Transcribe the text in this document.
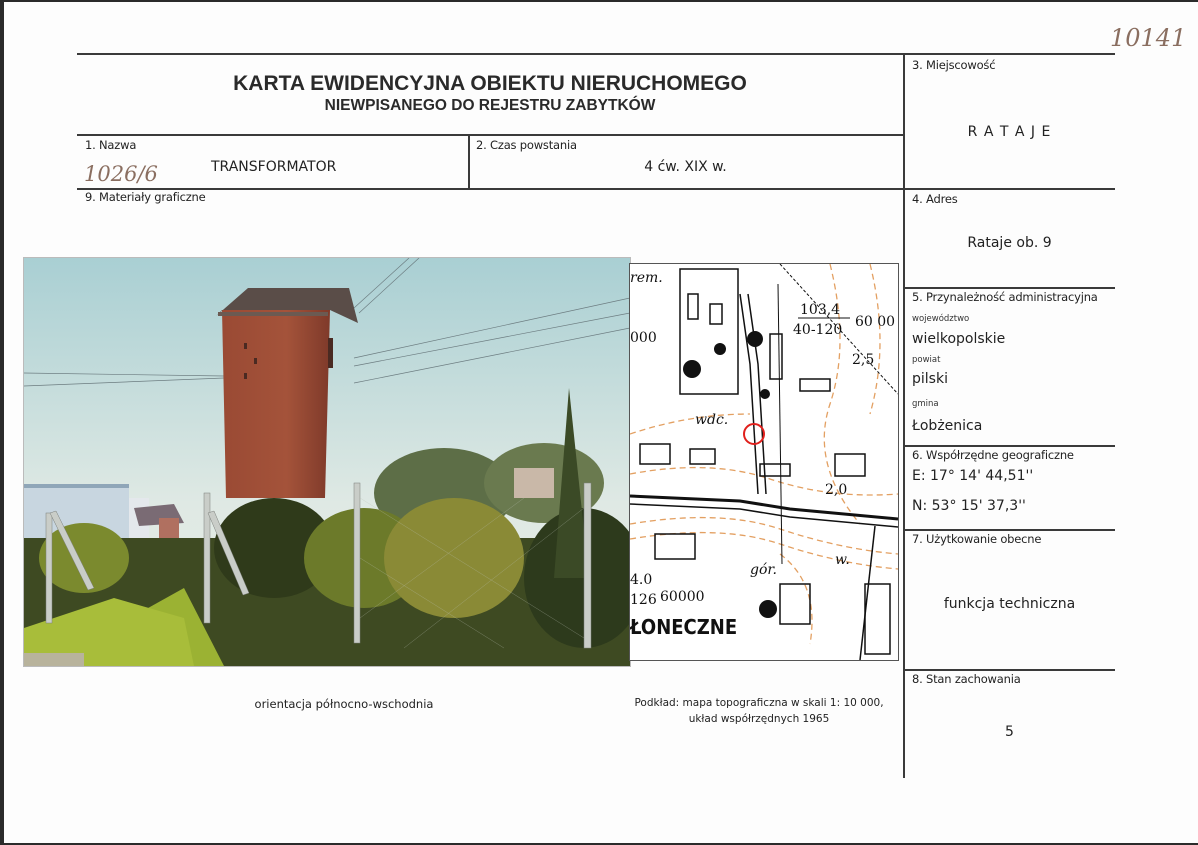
10141
KARTA EWIDENCYJNA OBIEKTU NIERUCHOMEGO
NIEWPISANEGO DO REJESTRU ZABYTKÓW
1. Nazwa
TRANSFORMATOR
1026/6
2. Czas powstania
4 ćw. XIX w.
9. Materiały graficzne
3. Miejscowość
R A T A J E
4. Adres
Rataje ob. 9
5. Przynależność administracyjna
województwo
wielkopolskie
powiat
pilski
gmina
Łobżenica
6. Współrzędne geograficzne
E: 17° 14' 44,51''
N: 53° 15' 37,3''
7. Użytkowanie obecne
funkcja techniczna
8. Stan zachowania
5
rem.
103,4
40-120 60 00
000
2,5
wdc.
2,0
gór.
w.
4.0
126 60000
ŁONECZNE
orientacja północno-wschodnia	Podkład: mapa topograficzna w skali 1: 10 000,
układ współrzędnych 1965
